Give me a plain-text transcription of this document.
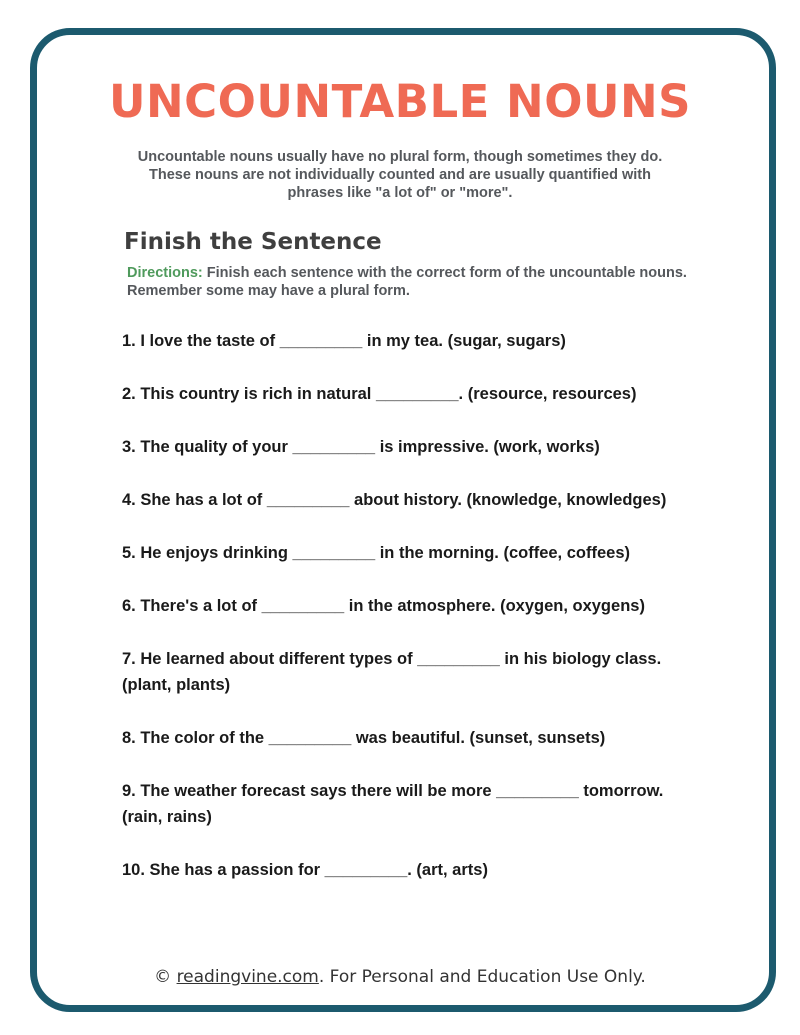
UNCOUNTABLE NOUNS

Uncountable nouns usually have no plural form, though sometimes they do. These nouns are not individually counted and are usually quantified with phrases like "a lot of" or "more".

Finish the Sentence

Directions: Finish each sentence with the correct form of the uncountable nouns. Remember some may have a plural form.

1. I love the taste of _________ in my tea. (sugar, sugars)
2. This country is rich in natural _________. (resource, resources)
3. The quality of your _________ is impressive. (work, works)
4. She has a lot of _________ about history. (knowledge, knowledges)
5. He enjoys drinking _________ in the morning. (coffee, coffees)
6. There's a lot of _________ in the atmosphere. (oxygen, oxygens)
7. He learned about different types of _________ in his biology class. (plant, plants)
8. The color of the _________ was beautiful. (sunset, sunsets)
9. The weather forecast says there will be more _________ tomorrow. (rain, rains)
10. She has a passion for _________. (art, arts)
© readingvine.com. For Personal and Education Use Only.
